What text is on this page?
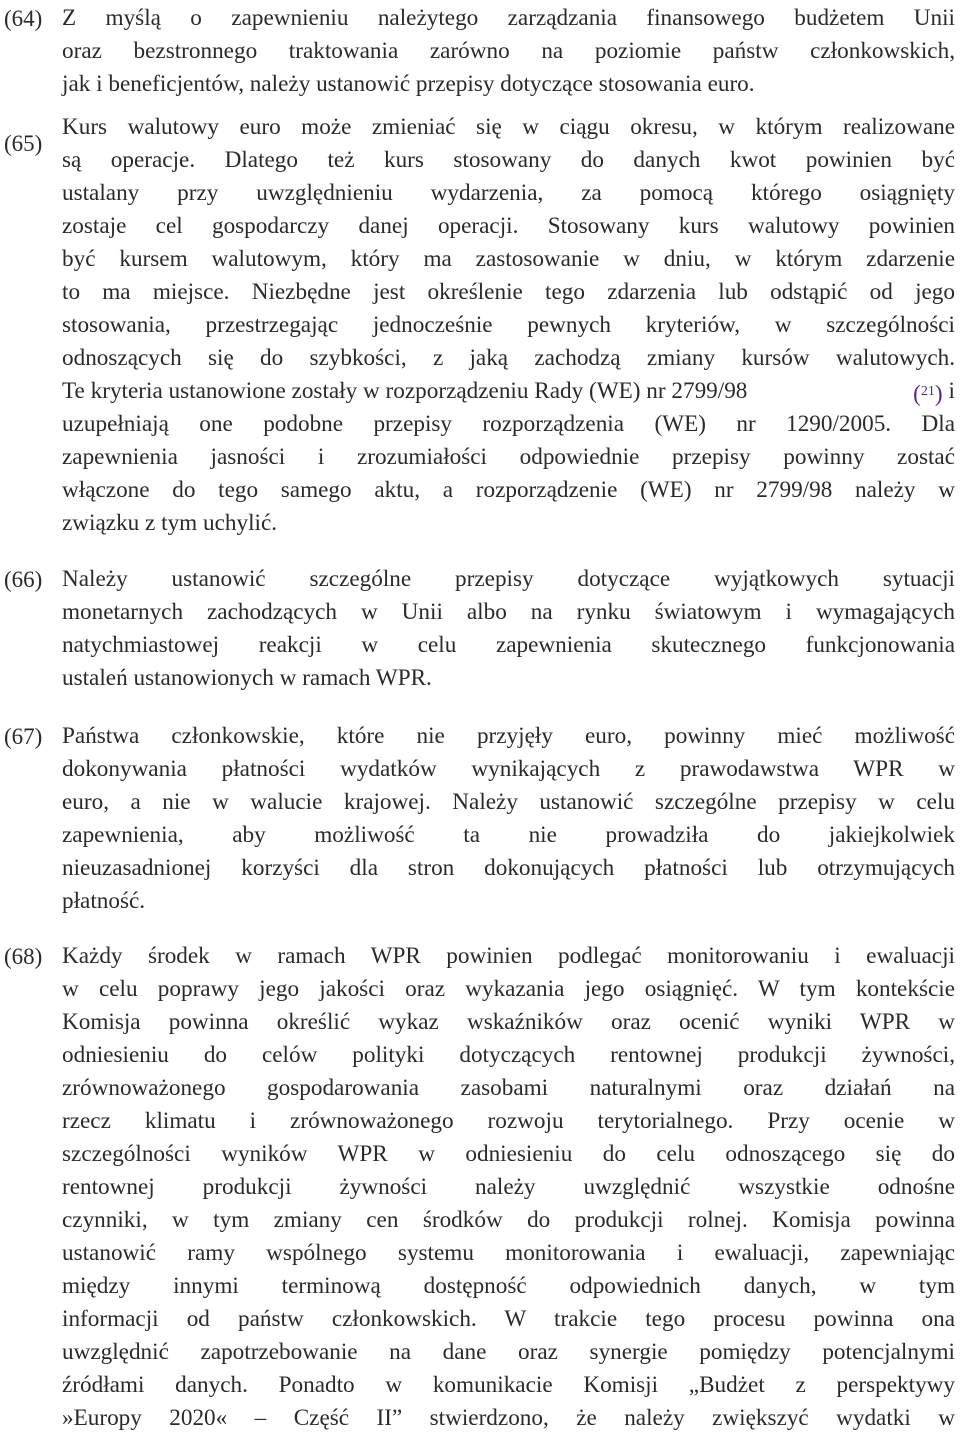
(64) Z myślą o zapewnieniu należytego zarządzania finansowego budżetem Unii
oraz bezstronnego traktowania zarówno na poziomie państw członkowskich,
jak i beneficjentów, należy ustanowić przepisy dotyczące stosowania euro.
(65)
Kurs walutowy euro może zmieniać się w ciągu okresu, w którym realizowane
są operacje. Dlatego też kurs stosowany do danych kwot powinien być
ustalany przy uwzględnieniu wydarzenia, za pomocą którego osiągnięty
zostaje cel gospodarczy danej operacji. Stosowany kurs walutowy powinien
być kursem walutowym, który ma zastosowanie w dniu, w którym zdarzenie
to ma miejsce. Niezbędne jest określenie tego zdarzenia lub odstąpić od jego
stosowania, przestrzegając jednocześnie pewnych kryteriów, w szczególności
odnoszących się do szybkości, z jaką zachodzą zmiany kursów walutowych.
Te kryteria ustanowione zostały w rozporządzeniu Rady (WE) nr 2799/98	($^{21}$) i
uzupełniają one podobne przepisy rozporządzenia (WE) nr 1290/2005. Dla
zapewnienia jasności i zrozumiałości odpowiednie przepisy powinny zostać
włączone do tego samego aktu, a rozporządzenie (WE) nr 2799/98 należy w
związku z tym uchylić.
(66) Należy ustanowić szczególne przepisy dotyczące wyjątkowych sytuacji
monetarnych zachodzących w Unii albo na rynku światowym i wymagających
natychmiastowej reakcji w celu zapewnienia skutecznego funkcjonowania
ustaleń ustanowionych w ramach WPR.
(67) Państwa członkowskie, które nie przyjęły euro, powinny mieć możliwość
dokonywania płatności wydatków wynikających z prawodawstwa WPR w
euro, a nie w walucie krajowej. Należy ustanowić szczególne przepisy w celu
zapewnienia, aby możliwość ta nie prowadziła do jakiejkolwiek
nieuzasadnionej korzyści dla stron dokonujących płatności lub otrzymujących
płatność.
(68) Każdy środek w ramach WPR powinien podlegać monitorowaniu i ewaluacji
w celu poprawy jego jakości oraz wykazania jego osiągnięć. W tym kontekście
Komisja powinna określić wykaz wskaźników oraz ocenić wyniki WPR w
odniesieniu do celów polityki dotyczących rentownej produkcji żywności,
zrównoważonego gospodarowania zasobami naturalnymi oraz działań na
rzecz klimatu i zrównoważonego rozwoju terytorialnego. Przy ocenie w
szczególności wyników WPR w odniesieniu do celu odnoszącego się do
rentownej produkcji żywności należy uwzględnić wszystkie odnośne
czynniki, w tym zmiany cen środków do produkcji rolnej. Komisja powinna
ustanowić ramy wspólnego systemu monitorowania i ewaluacji, zapewniając
między innymi terminową dostępność odpowiednich danych, w tym
informacji od państw członkowskich. W trakcie tego procesu powinna ona
uwzględnić zapotrzebowanie na dane oraz synergie pomiędzy potencjalnymi
źródłami danych. Ponadto w komunikacie Komisji „Budżet z perspektywy
»Europy 2020« – Część II” stwierdzono, że należy zwiększyć wydatki w
